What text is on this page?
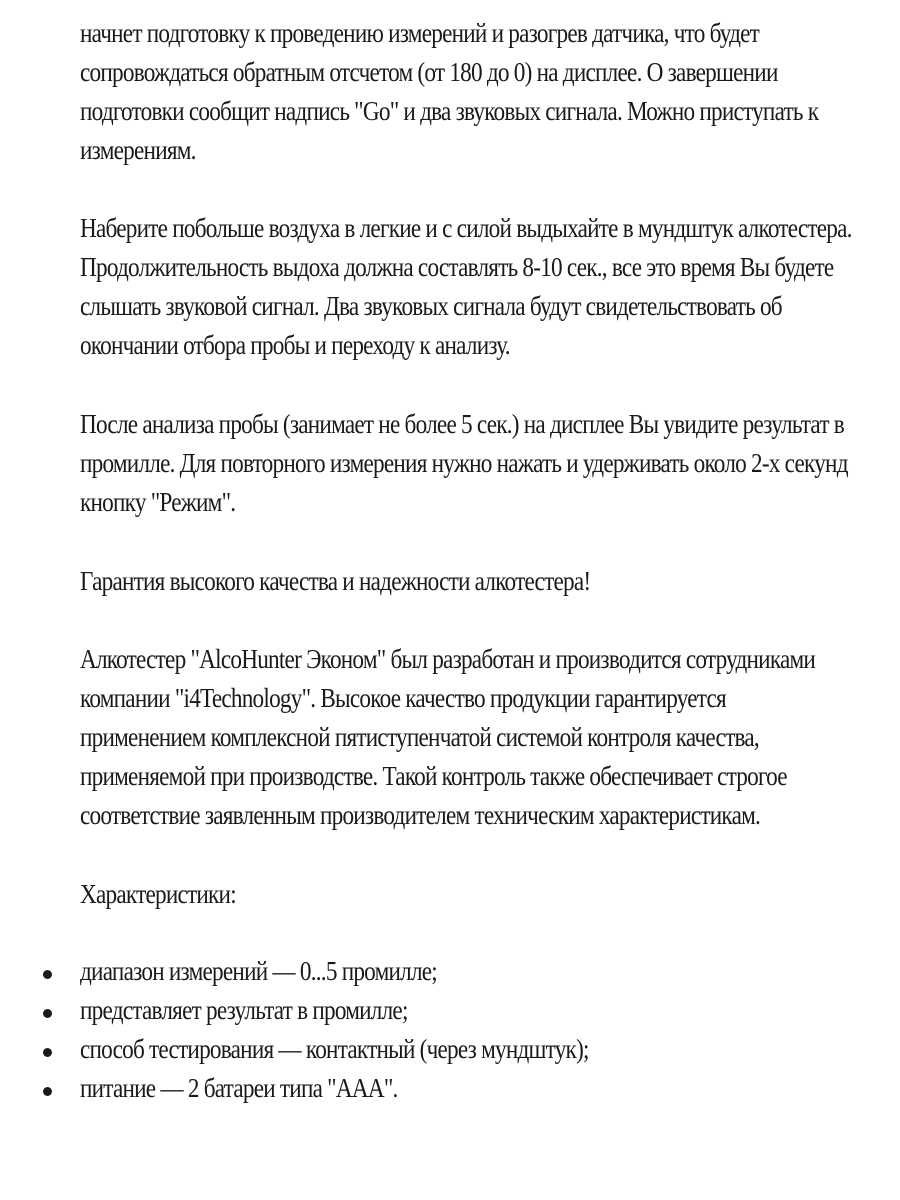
начнет подготовку к проведению измерений и разогрев датчика, что будет
сопровождаться обратным отсчетом (от 180 до 0) на дисплее. О завершении
подготовки сообщит надпись "Go" и два звуковых сигнала. Можно приступать к
измерениям.
Наберите побольше воздуха в легкие и с силой выдыхайте в мундштук алкотестера.
Продолжительность выдоха должна составлять 8-10 сек., все это время Вы будете
слышать звуковой сигнал. Два звуковых сигнала будут свидетельствовать об
окончании отбора пробы и переходу к анализу.
После анализа пробы (занимает не более 5 сек.) на дисплее Вы увидите результат в
промилле. Для повторного измерения нужно нажать и удерживать около 2-х секунд
кнопку "Режим".
Гарантия высокого качества и надежности алкотестера!
Алкотестер "AlcoHunter Эконом" был разработан и производится сотрудниками
компании "i4Technology". Высокое качество продукции гарантируется
применением комплексной пятиступенчатой системой контроля качества,
применяемой при производстве. Такой контроль также обеспечивает строгое
соответствие заявленным производителем техническим характеристикам.
Характеристики:
диапазон измерений — 0...5 промилле;
представляет результат в промилле;
способ тестирования — контактный (через мундштук);
питание — 2 батареи типа "AAA".
